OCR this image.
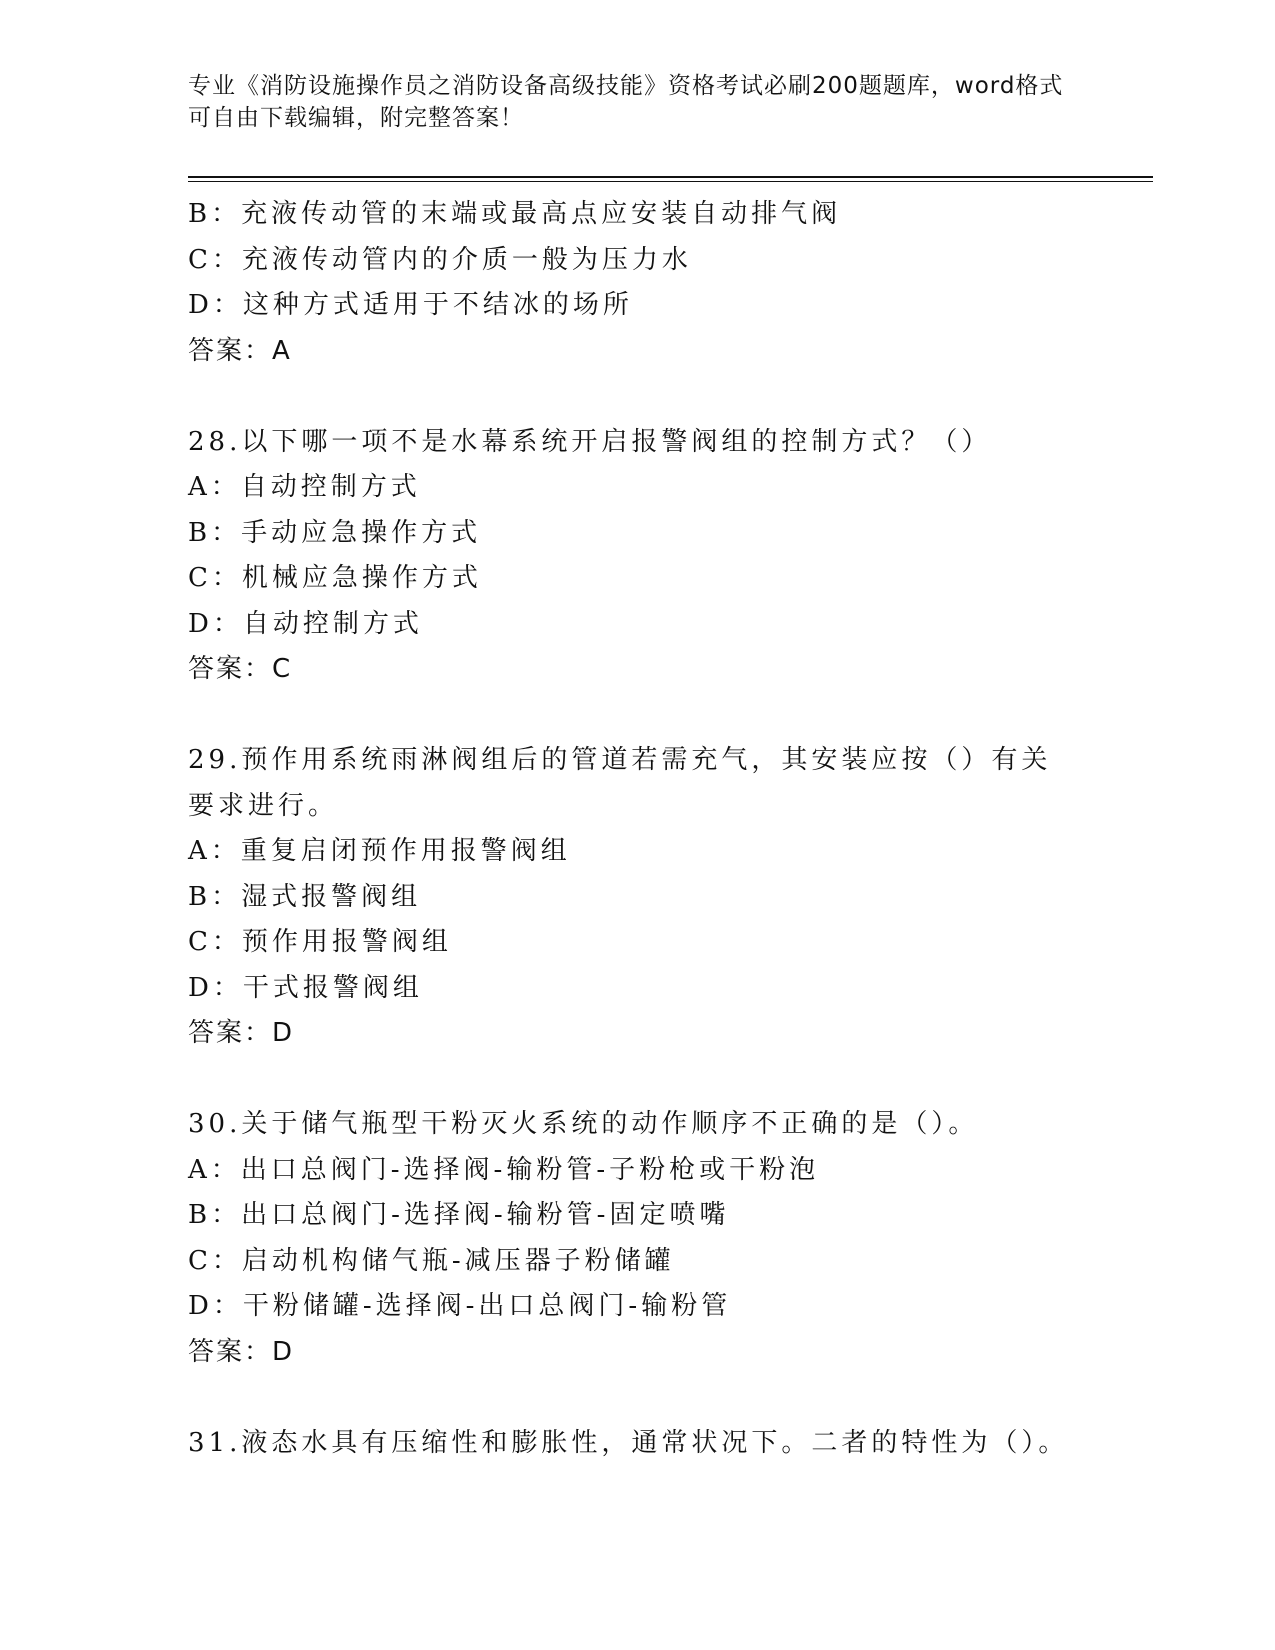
专业《消防设施操作员之消防设备高级技能》资格考试必刷200题题库，word格式可自由下载编辑，附完整答案！
B：充液传动管的末端或最高点应安装自动排气阀
C：充液传动管内的介质一般为压力水
D：这种方式适用于不结冰的场所
答案：A
28.以下哪一项不是水幕系统开启报警阀组的控制方式？（）
A：自动控制方式
B：手动应急操作方式
C：机械应急操作方式
D：自动控制方式
答案：C
29.预作用系统雨淋阀组后的管道若需充气，其安装应按（）有关要求进行。
A：重复启闭预作用报警阀组
B：湿式报警阀组
C：预作用报警阀组
D：干式报警阀组
答案：D
30.关于储气瓶型干粉灭火系统的动作顺序不正确的是（）。
A：出口总阀门-选择阀-输粉管-子粉枪或干粉泡
B：出口总阀门-选择阀-输粉管-固定喷嘴
C：启动机构储气瓶-减压器子粉储罐
D：干粉储罐-选择阀-出口总阀门-输粉管
答案：D
31.液态水具有压缩性和膨胀性，通常状况下。二者的特性为（）。
